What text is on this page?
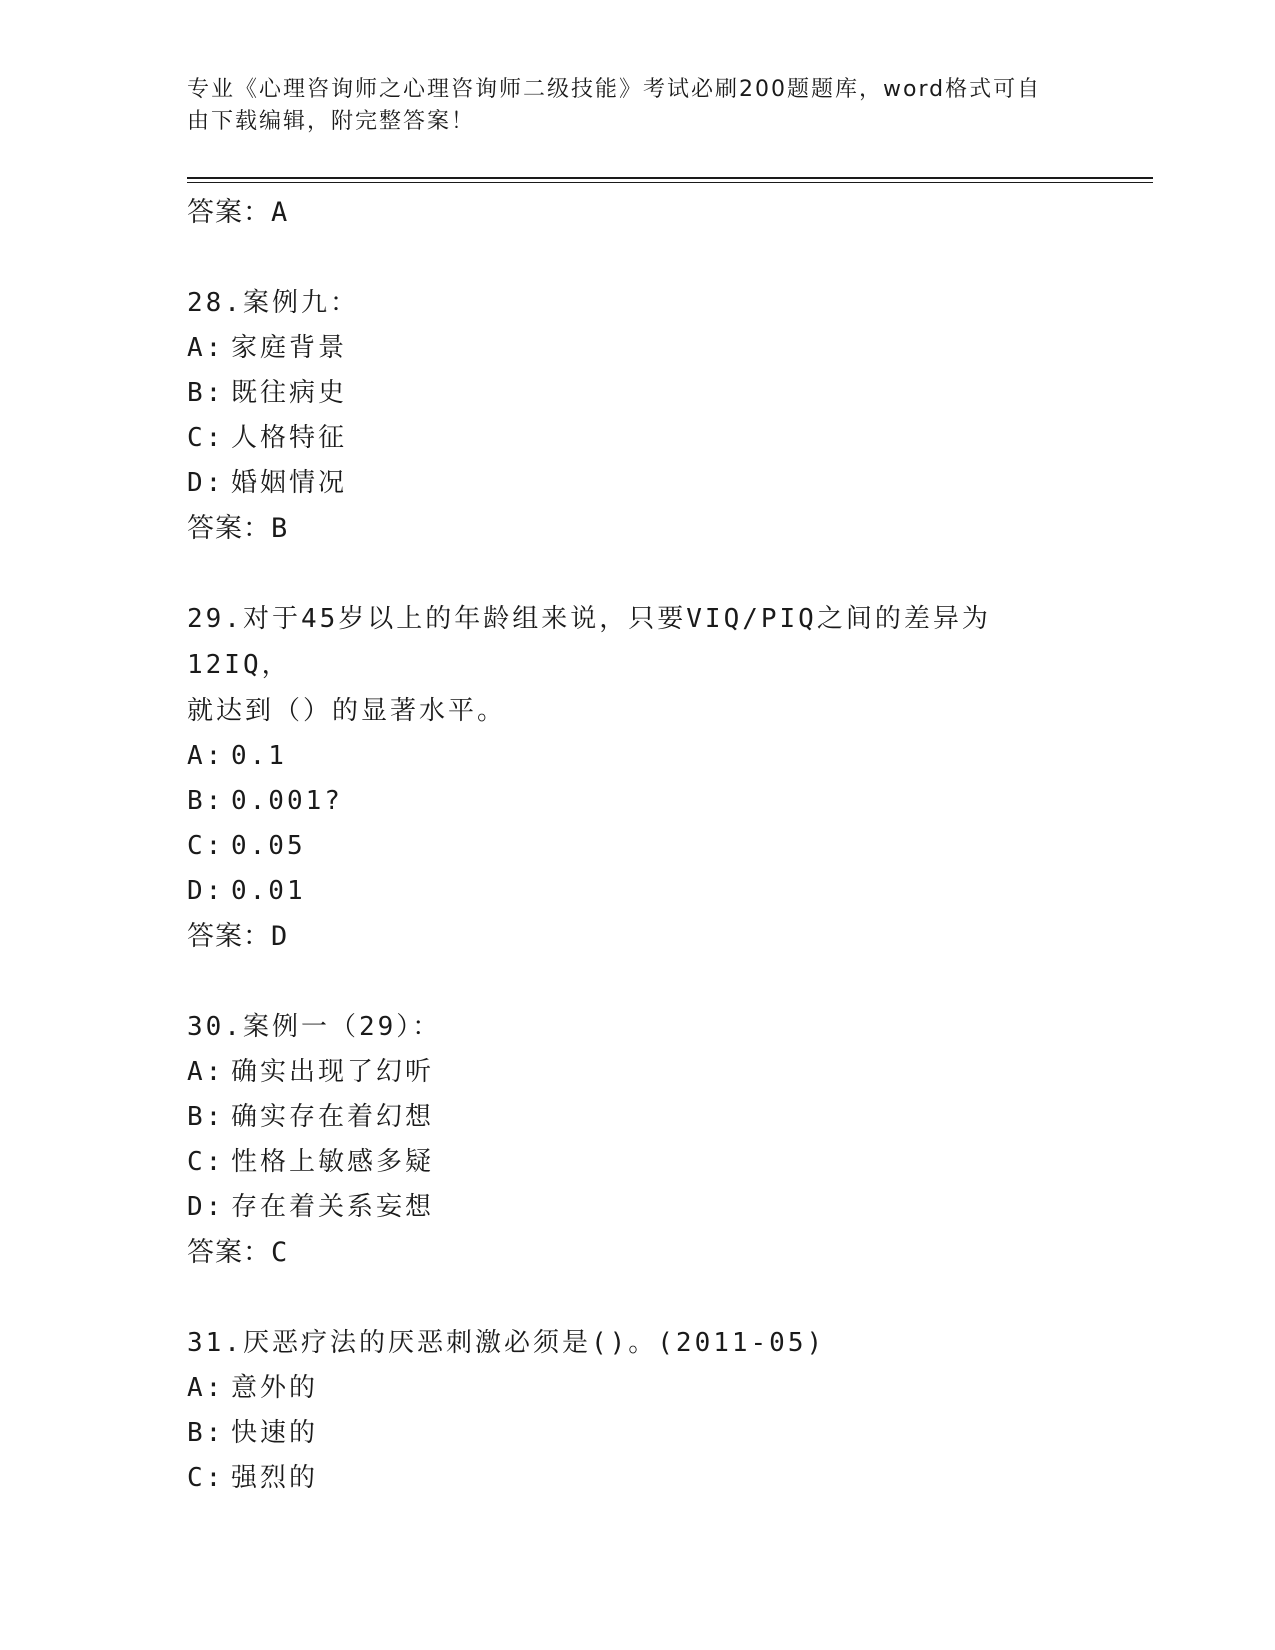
专业《心理咨询师之心理咨询师二级技能》考试必刷200题题库，word格式可自
由下载编辑，附完整答案！
答案：A
28.案例九：
A: 家庭背景
B: 既往病史
C: 人格特征
D: 婚姻情况
答案：B
29.对于45岁以上的年龄组来说，只要VIQ/PIQ之间的差异为12IQ，
就达到（）的显著水平。
A: 0.1
B: 0.001?
C: 0.05
D: 0.01
答案：D
30.案例一（29）：
A: 确实出现了幻听
B: 确实存在着幻想
C: 性格上敏感多疑
D: 存在着关系妄想
答案：C
31.厌恶疗法的厌恶刺激必须是()。(2011-05)
A: 意外的
B: 快速的
C: 强烈的
